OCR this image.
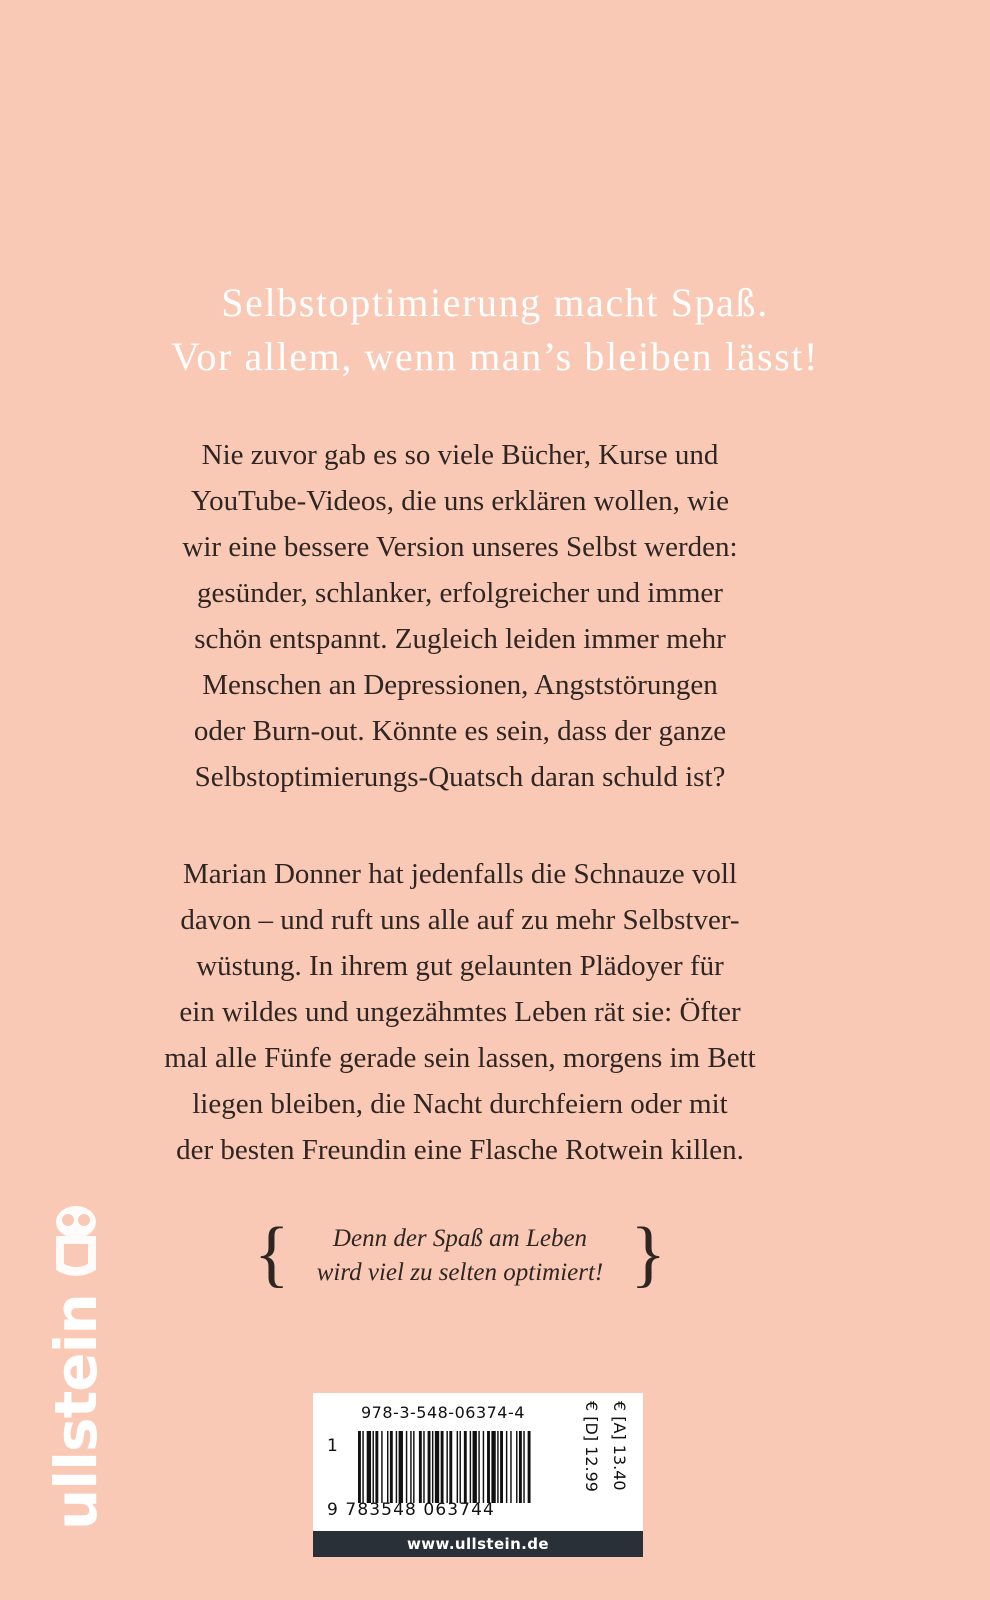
Selbstoptimierung macht Spaß.
Vor allem, wenn man’s bleiben lässt!
Nie zuvor gab es so viele Bücher, Kurse und
YouTube-Videos, die uns erklären wollen, wie
wir eine bessere Version unseres Selbst werden:
gesünder, schlanker, erfolgreicher und immer
schön entspannt. Zugleich leiden immer mehr
Menschen an Depressionen, Angststörungen
oder Burn-out. Könnte es sein, dass der ganze
Selbstoptimierungs-Quatsch daran schuld ist?
Marian Donner hat jedenfalls die Schnauze voll
davon – und ruft uns alle auf zu mehr Selbstver-
wüstung. In ihrem gut gelaunten Plädoyer für
ein wildes und ungezähmtes Leben rät sie: Öfter
mal alle Fünfe gerade sein lassen, morgens im Bett
liegen bleiben, die Nacht durchfeiern oder mit
der besten Freundin eine Flasche Rotwein killen.
{	Denn der Spaß am Leben
wird viel zu selten optimiert! }
ullstein	978-3-548-06374-4
1
9 783548 063744
€ [D] 12.99 € [A] 13.40
www.ullstein.de
